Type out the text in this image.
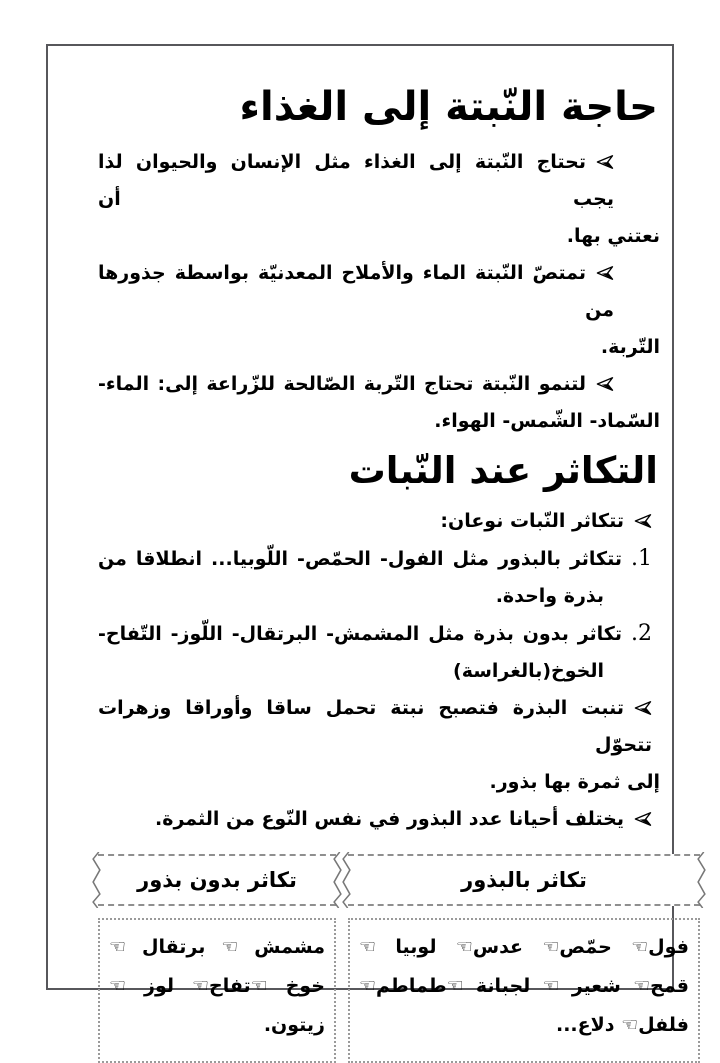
حاجة النّبتة إلى الغذاء
تحتاج النّبتة إلى الغذاء مثل الإنسان والحيوان لذا يجب أن
نعتني بها.
تمتصّ النّبتة الماء والأملاح المعدنيّة بواسطة جذورها من
التّربة.
لتنمو النّبتة تحتاج التّربة الصّالحة للزّراعة إلى: الماء-
السّماد- الشّمس- الهواء.
التكاثر عند النّبات
تتكاثر النّبات نوعان:
1.تتكاثر بالبذور مثل الفول- الحمّص- اللّوبيا... انطلاقا من
بذرة واحدة.
2.تكاثر بدون بذرة مثل المشمش- البرتقال- اللّوز- التّفاح-
الخوخ(بالغراسة)
تنبت البذرة فتصبح نبتة تحمل ساقا وأوراقا وزهرات تتحوّل
إلى ثمرة بها بذور.
يختلف أحيانا عدد البذور في نفس النّوع من الثمرة.
تكاثر بالبذور
تكاثر بدون بذور
فول☜ حمّص☜ عدس☜ لوبيا ☜
قمح☜ شعير ☜ لجبانة ☜طماطم☜
فلفل☜ دلاع...
مشمش ☜ برتقال ☜
خوخ ☜تفاح☜ لوز ☜
زيتون.
